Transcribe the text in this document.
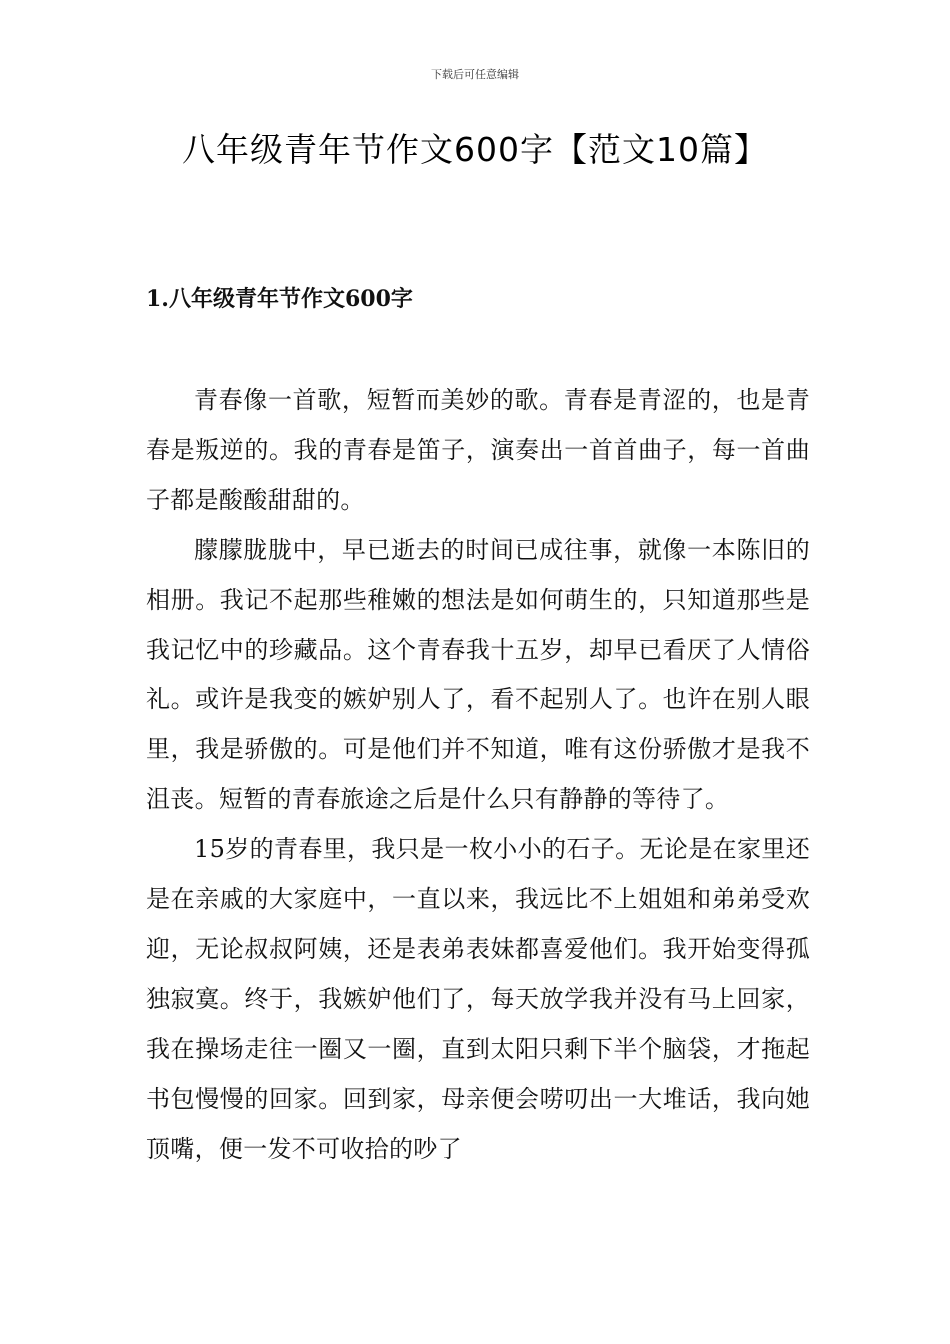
下载后可任意编辑
八年级青年节作文600字【范文10篇】
1.八年级青年节作文600字

青春像一首歌，短暂而美妙的歌。青春是青涩的，也是青春是叛逆的。我的青春是笛子，演奏出一首首曲子，每一首曲子都是酸酸甜甜的。

朦朦胧胧中，早已逝去的时间已成往事，就像一本陈旧的相册。我记不起那些稚嫩的想法是如何萌生的，只知道那些是我记忆中的珍藏品。这个青春我十五岁，却早已看厌了人情俗礼。或许是我变的嫉妒别人了，看不起别人了。也许在别人眼里，我是骄傲的。可是他们并不知道，唯有这份骄傲才是我不沮丧。短暂的青春旅途之后是什么只有静静的等待了。

15岁的青春里，我只是一枚小小的石子。无论是在家里还是在亲戚的大家庭中，一直以来，我远比不上姐姐和弟弟受欢迎，无论叔叔阿姨，还是表弟表妹都喜爱他们。我开始变得孤独寂寞。终于，我嫉妒他们了，每天放学我并没有马上回家，我在操场走往一圈又一圈，直到太阳只剩下半个脑袋，才拖起书包慢慢的回家。回到家，母亲便会唠叨出一大堆话，我向她顶嘴，便一发不可收拾的吵了
